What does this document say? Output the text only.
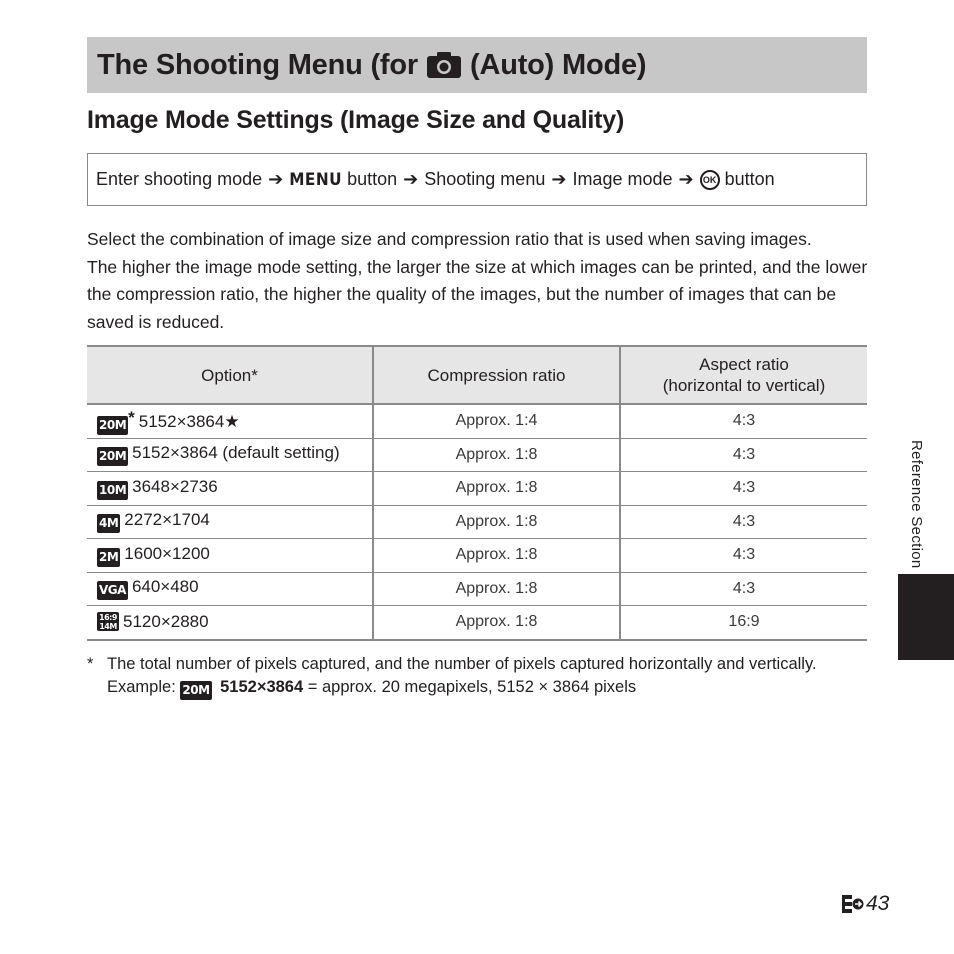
The Shooting Menu (for (Auto) Mode)
Image Mode Settings (Image Size and Quality)
Enter shooting mode ➔ MENU button ➔ Shooting menu ➔ Image mode ➔	OK button

Select the combination of image size and compression ratio that is used when saving images.

The higher the image mode setting, the larger the size at which images can be printed, and the lower the compression ratio, the higher the quality of the images, but the number of images that can be saved is reduced.

Option*	Compression ratio	Aspect ratio
(horizontal to vertical)
20M * 5152×3864★	Approx. 1:4	4:3
20M 5152×3864 (default setting)	Approx. 1:8	4:3
10M 3648×2736	Approx. 1:8	4:3
4M 2272×1704	Approx. 1:8	4:3
2M 1600×1200	Approx. 1:8	4:3
VGA 640×480	Approx. 1:8	4:3
16:9 14M 5120×2880	Approx. 1:8	16:9
* The total number of pixels captured, and the number of pixels captured horizontally and vertically.
Example: 20M 5152×3864 = approx. 20 megapixels, 5152 × 3864 pixels
Reference Section
43
